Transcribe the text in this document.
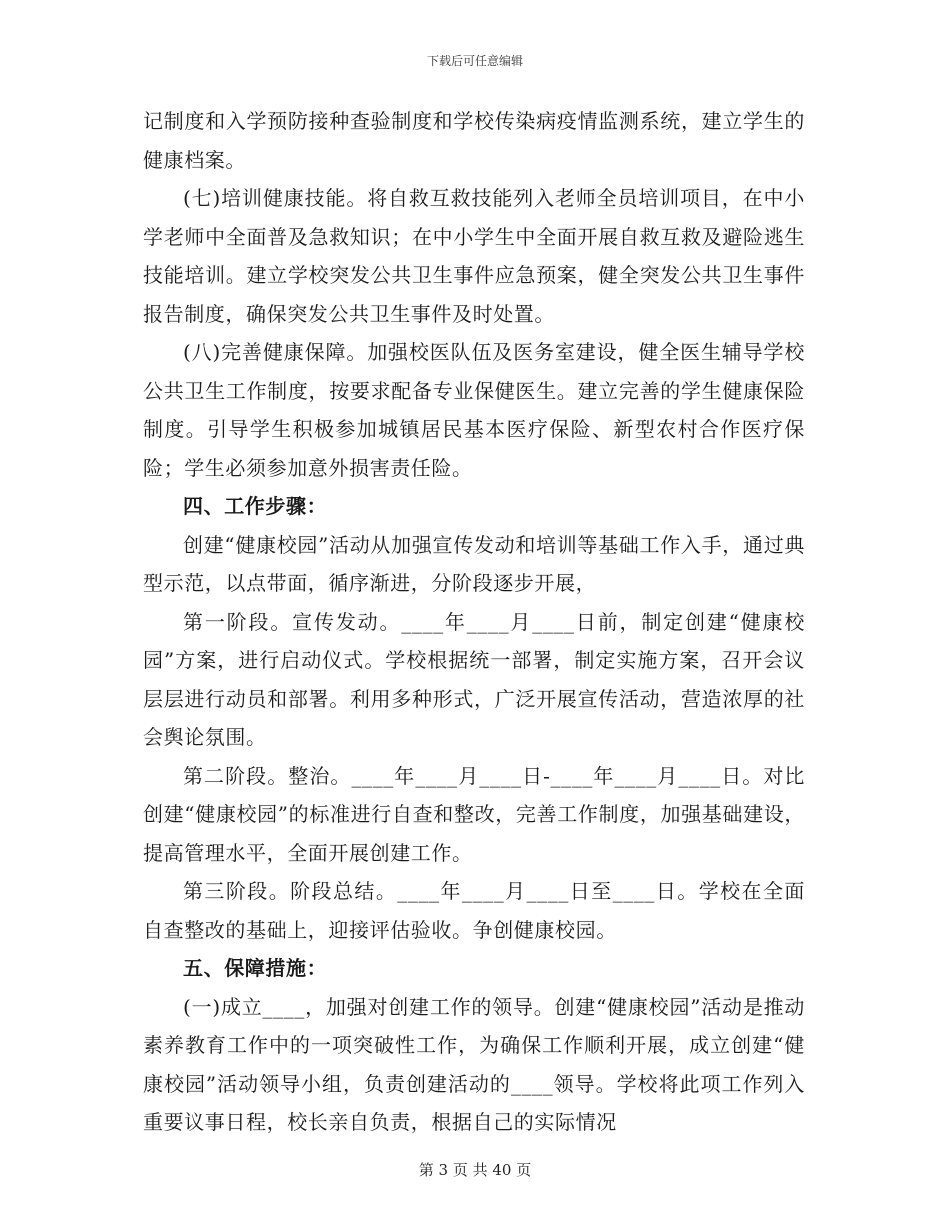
下载后可任意编辑

记制度和入学预防接种查验制度和学校传染病疫情监测系统，建立学生的健康档案。

(七)培训健康技能。将自救互救技能列入老师全员培训项目，在中小学老师中全面普及急救知识；在中小学生中全面开展自救互救及避险逃生技能培训。建立学校突发公共卫生事件应急预案，健全突发公共卫生事件报告制度，确保突发公共卫生事件及时处置。

(八)完善健康保障。加强校医队伍及医务室建设，健全医生辅导学校公共卫生工作制度，按要求配备专业保健医生。建立完善的学生健康保险制度。引导学生积极参加城镇居民基本医疗保险、新型农村合作医疗保险；学生必须参加意外损害责任险。

四、工作步骤：

创建“健康校园”活动从加强宣传发动和培训等基础工作入手，通过典型示范，以点带面，循序渐进，分阶段逐步开展，

第一阶段。宣传发动。____年____月____日前，制定创建“健康校园”方案，进行启动仪式。学校根据统一部署，制定实施方案，召开会议层层进行动员和部署。利用多种形式，广泛开展宣传活动，营造浓厚的社会舆论氛围。

第二阶段。整治。____年____月____日-____年____月____日。对比创建“健康校园”的标准进行自查和整改，完善工作制度，加强基础建设，提高管理水平，全面开展创建工作。

第三阶段。阶段总结。____年____月____日至____日。学校在全面自查整改的基础上，迎接评估验收。争创健康校园。

五、保障措施：

(一)成立____，加强对创建工作的领导。创建“健康校园”活动是推动素养教育工作中的一项突破性工作，为确保工作顺利开展，成立创建“健康校园”活动领导小组，负责创建活动的____领导。学校将此项工作列入重要议事日程，校长亲自负责，根据自己的实际情况

第 3 页 共 40 页
